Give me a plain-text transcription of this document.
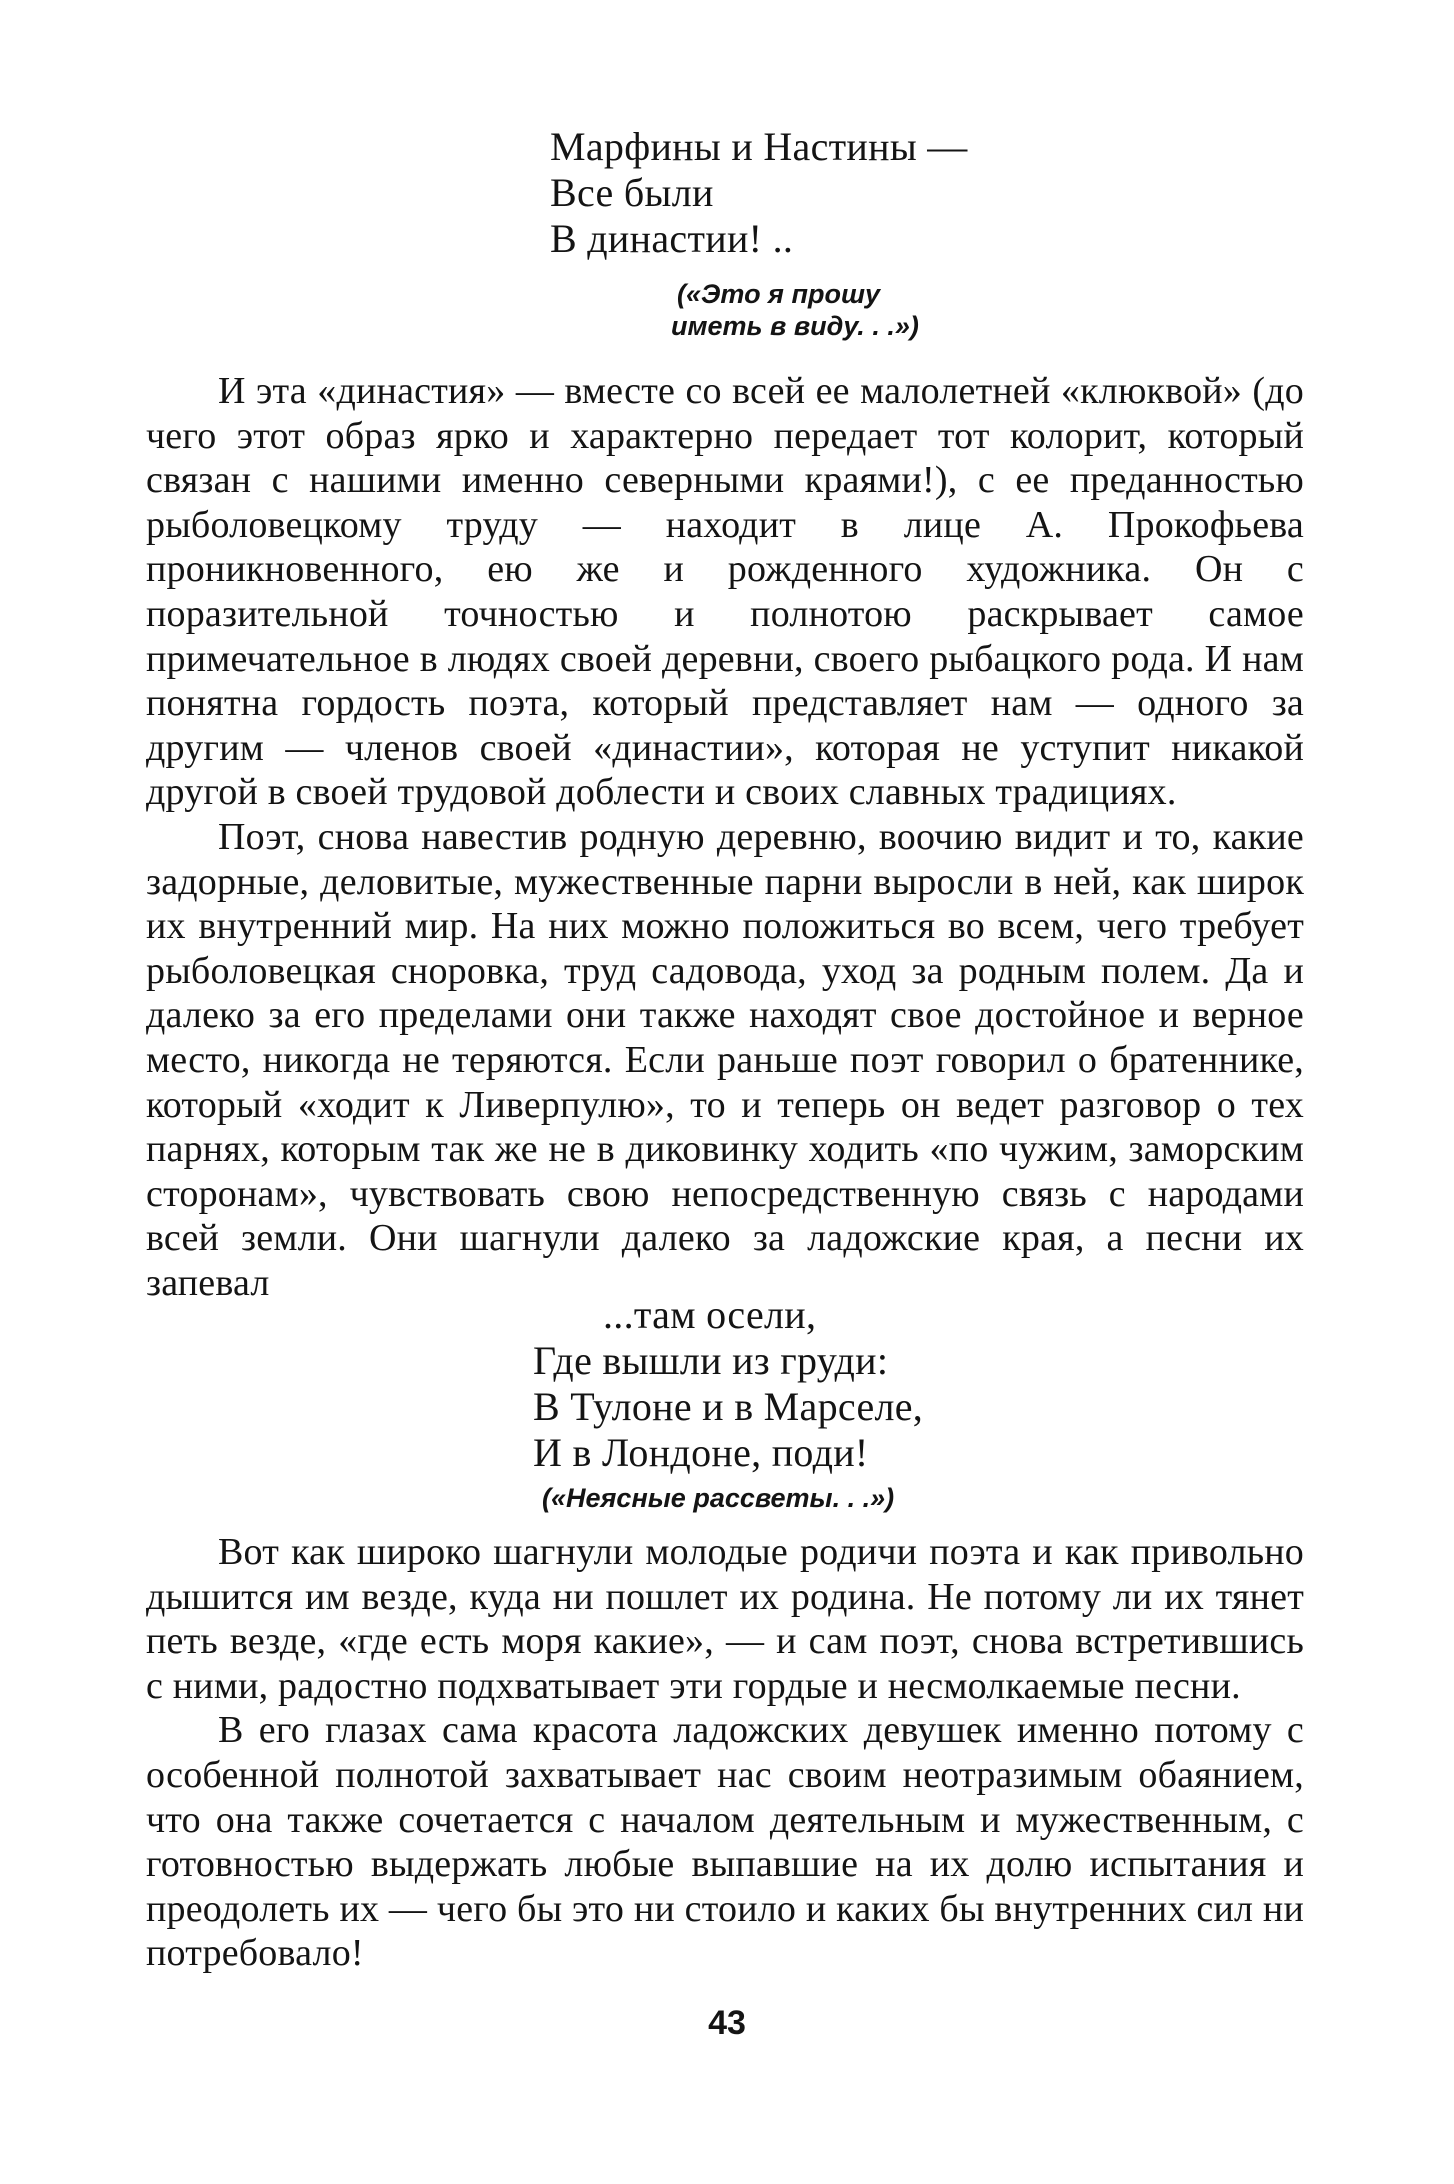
Марфины и Настины —
Все были
В династии! ..
(«Это я прошу
иметь в виду. . .»)

И эта «династия» — вместе со всей ее малолетней «клюквой» (до чего этот образ ярко и характерно передает тот колорит, который связан с нашими именно северными краями!), с ее преданностью рыболовецкому труду — находит в лице А. Прокофьева проникновенного, ею же и рожденного художника. Он с поразительной точностью и полнотою раскрывает самое примечательное в людях своей деревни, своего рыбацкого рода. И нам понятна гордость поэта, который представляет нам — одного за другим — членов своей «династии», которая не уступит никакой другой в своей трудовой доблести и своих славных традициях.

Поэт, снова навестив родную деревню, воочию видит и то, какие задорные, деловитые, мужественные парни выросли в ней, как широк их внутренний мир. На них можно положиться во всем, чего требует рыболовецкая сноровка, труд садовода, уход за родным полем. Да и далеко за его пределами они также находят свое достойное и верное место, никогда не теряются. Если раньше поэт говорил о братеннике, который «ходит к Ливерпулю», то и теперь он ведет разговор о тех парнях, которым так же не в диковинку ходить «по чужим, заморским сторонам», чувствовать свою непосредственную связь с народами всей земли. Они шагнули далеко за ладожские края, а песни их запевал

...там осели,
Где вышли из груди:
В Тулоне и в Марселе,
И в Лондоне, поди!
(«Неясные рассветы. . .»)

Вот как широко шагнули молодые родичи поэта и как привольно дышится им везде, куда ни пошлет их родина. Не потому ли их тянет петь везде, «где есть моря какие», — и сам поэт, снова встретившись с ними, радостно подхватывает эти гордые и несмолкаемые песни.

В его глазах сама красота ладожских девушек именно потому с особенной полнотой захватывает нас своим неотразимым обаянием, что она также сочетается с началом деятельным и мужественным, с готовностью выдержать любые выпавшие на их долю испытания и преодолеть их — чего бы это ни стоило и каких бы внутренних сил ни потребовало!

43
